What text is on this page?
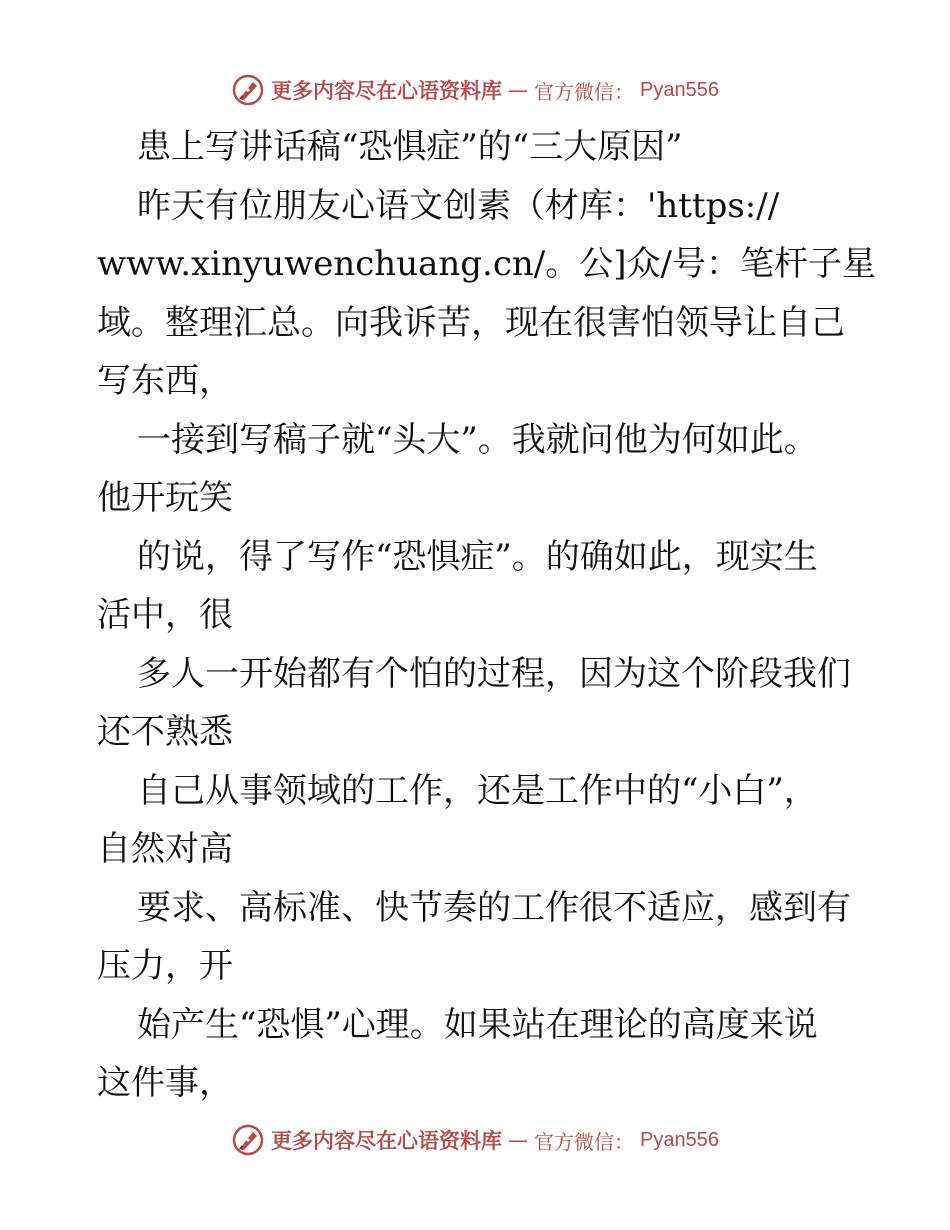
更多内容尽在心语资料库 — 官方微信： Pyan556
患上写讲话稿“恐惧症”的“三大原因”
昨天有位朋友心语文创素（材库：'https://
www.xinyuwenchuang.cn/。公]众/号：笔杆子星
域。整理汇总。向我诉苦，现在很害怕领导让自己
写东西，
一接到写稿子就“头大”。我就问他为何如此。
他开玩笑
的说，得了写作“恐惧症”。的确如此，现实生
活中，很
多人一开始都有个怕的过程，因为这个阶段我们
还不熟悉
自己从事领域的工作，还是工作中的“小白”，
自然对高
要求、高标准、快节奏的工作很不适应，感到有
压力，开
始产生“恐惧”心理。如果站在理论的高度来说
这件事，
更多内容尽在心语资料库 — 官方微信： Pyan556
